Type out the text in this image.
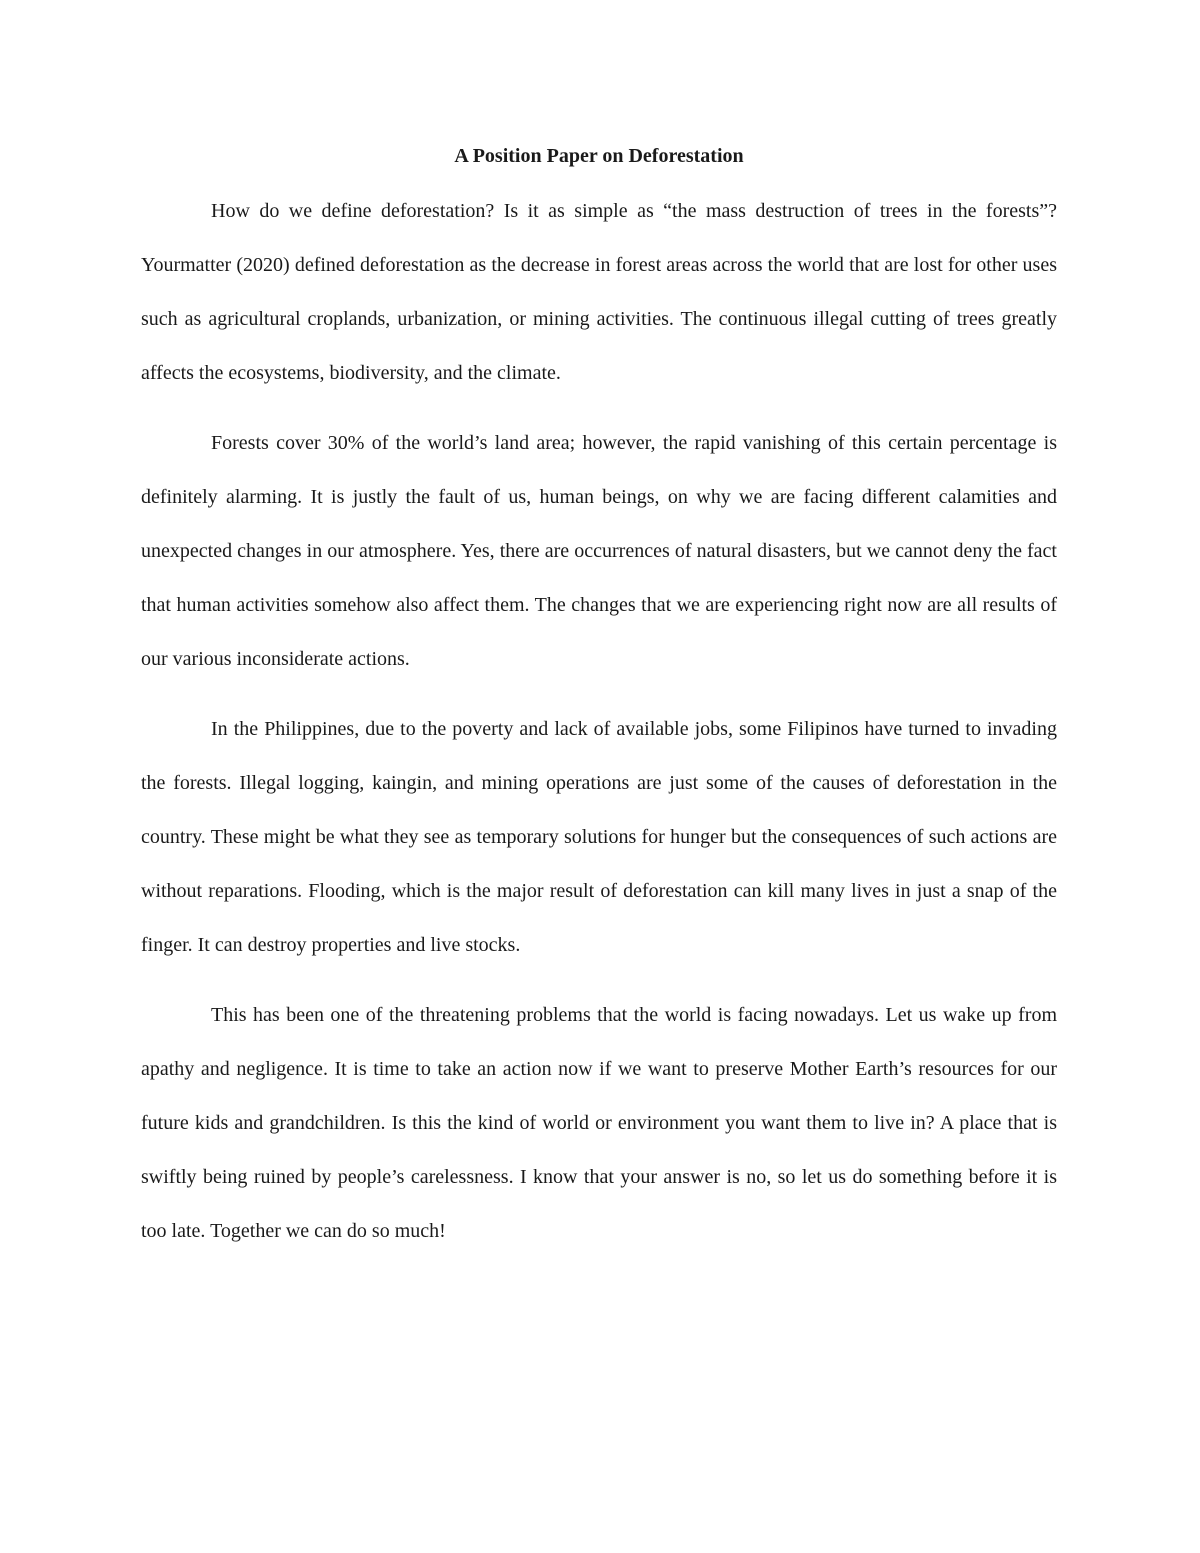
A Position Paper on Deforestation

How do we define deforestation? Is it as simple as “the mass destruction of trees in the forests”? Yourmatter (2020) defined deforestation as the decrease in forest areas across the world that are lost for other uses such as agricultural croplands, urbanization, or mining activities. The continuous illegal cutting of trees greatly affects the ecosystems, biodiversity, and the climate.

Forests cover 30% of the world’s land area; however, the rapid vanishing of this certain percentage is definitely alarming. It is justly the fault of us, human beings, on why we are facing different calamities and unexpected changes in our atmosphere. Yes, there are occurrences of natural disasters, but we cannot deny the fact that human activities somehow also affect them. The changes that we are experiencing right now are all results of our various inconsiderate actions.

In the Philippines, due to the poverty and lack of available jobs, some Filipinos have turned to invading the forests. Illegal logging, kaingin, and mining operations are just some of the causes of deforestation in the country. These might be what they see as temporary solutions for hunger but the consequences of such actions are without reparations. Flooding, which is the major result of deforestation can kill many lives in just a snap of the finger. It can destroy properties and live stocks.

This has been one of the threatening problems that the world is facing nowadays. Let us wake up from apathy and negligence. It is time to take an action now if we want to preserve Mother Earth’s resources for our future kids and grandchildren. Is this the kind of world or environment you want them to live in? A place that is swiftly being ruined by people’s carelessness. I know that your answer is no, so let us do something before it is too late. Together we can do so much!
